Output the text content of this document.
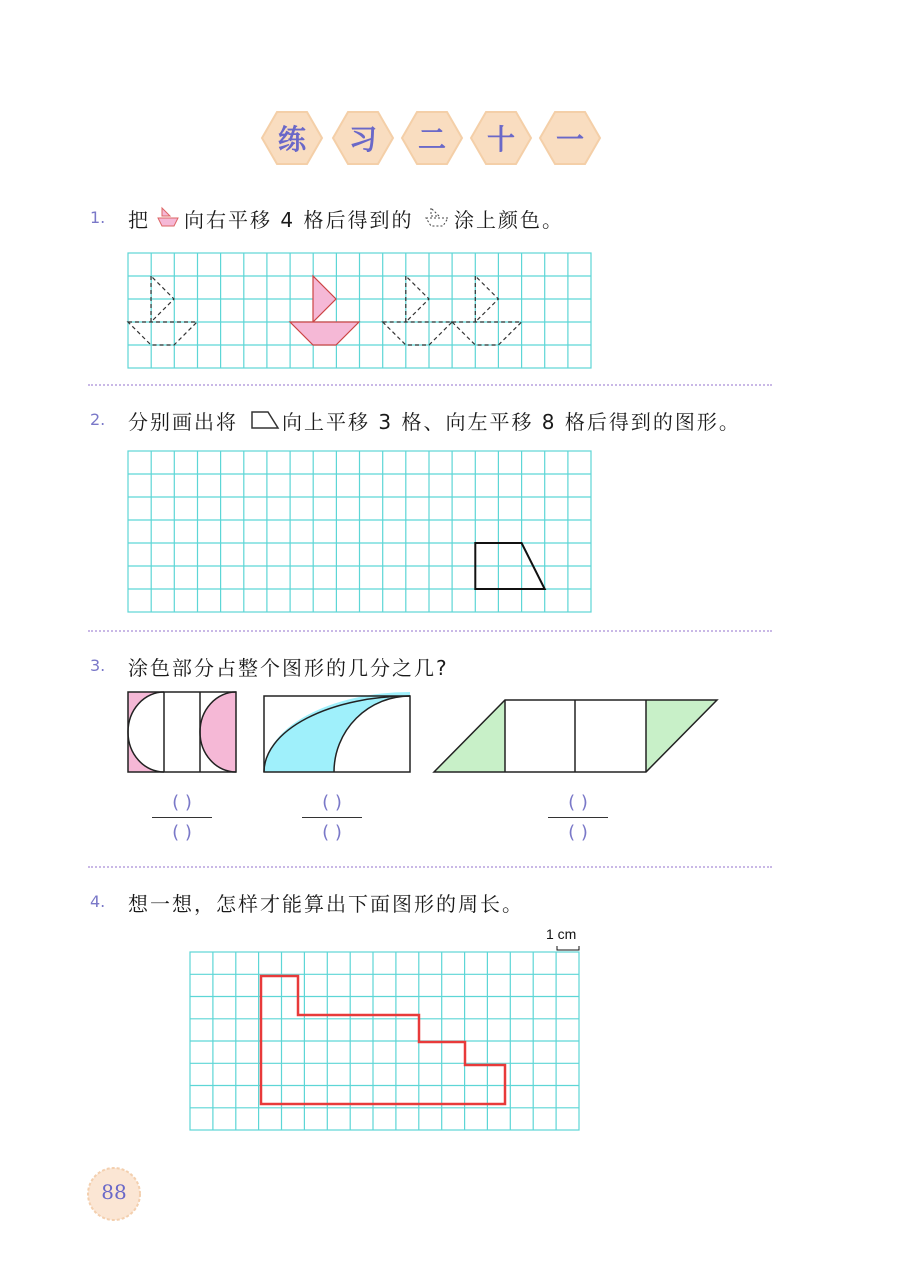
练 习 二 十 一
1. 把 向右平移 4 格后得到的 涂上颜色。
2. 分别画出将 向上平移 3 格、向左平移 8 格后得到的图形。
3. 涂色部分占整个图形的几分之几?
( )
( )
( )
( )
( )
( )
4. 想一想，怎样才能算出下面图形的周长。
1 cm
88
